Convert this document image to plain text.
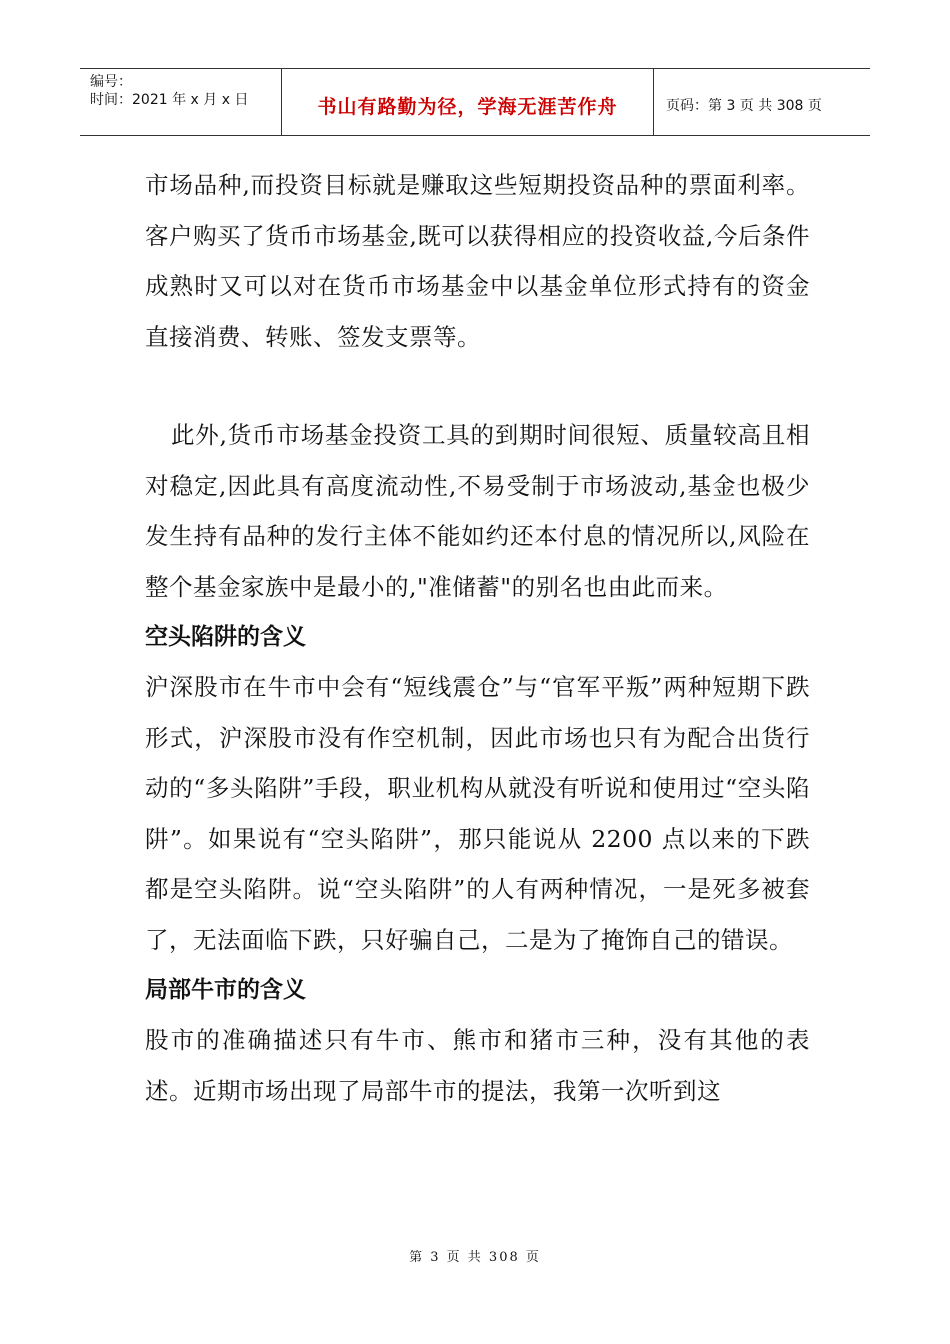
编号：
时间：2021 年 x 月 x 日	书山有路勤为径，学海无涯苦作舟	页码：第 3 页 共 308 页

市场品种,而投资目标就是赚取这些短期投资品种的票面利率。客户购买了货币市场基金,既可以获得相应的投资收益,今后条件成熟时又可以对在货币市场基金中以基金单位形式持有的资金直接消费、转账、签发支票等。

此外,货币市场基金投资工具的到期时间很短、质量较高且相对稳定,因此具有高度流动性,不易受制于市场波动,基金也极少发生持有品种的发行主体不能如约还本付息的情况所以,风险在整个基金家族中是最小的,"准储蓄"的别名也由此而来。

空头陷阱的含义

沪深股市在牛市中会有“短线震仓”与“官军平叛”两种短期下跌形式，沪深股市没有作空机制，因此市场也只有为配合出货行动的“多头陷阱”手段，职业机构从就没有听说和使用过“空头陷阱”。如果说有“空头陷阱”，那只能说从 2200 点以来的下跌都是空头陷阱。说“空头陷阱”的人有两种情况，一是死多被套了，无法面临下跌，只好骗自己，二是为了掩饰自己的错误。

局部牛市的含义

股市的准确描述只有牛市、熊市和猪市三种，没有其他的表述。近期市场出现了局部牛市的提法，我第一次听到这

第 3 页 共 308 页
